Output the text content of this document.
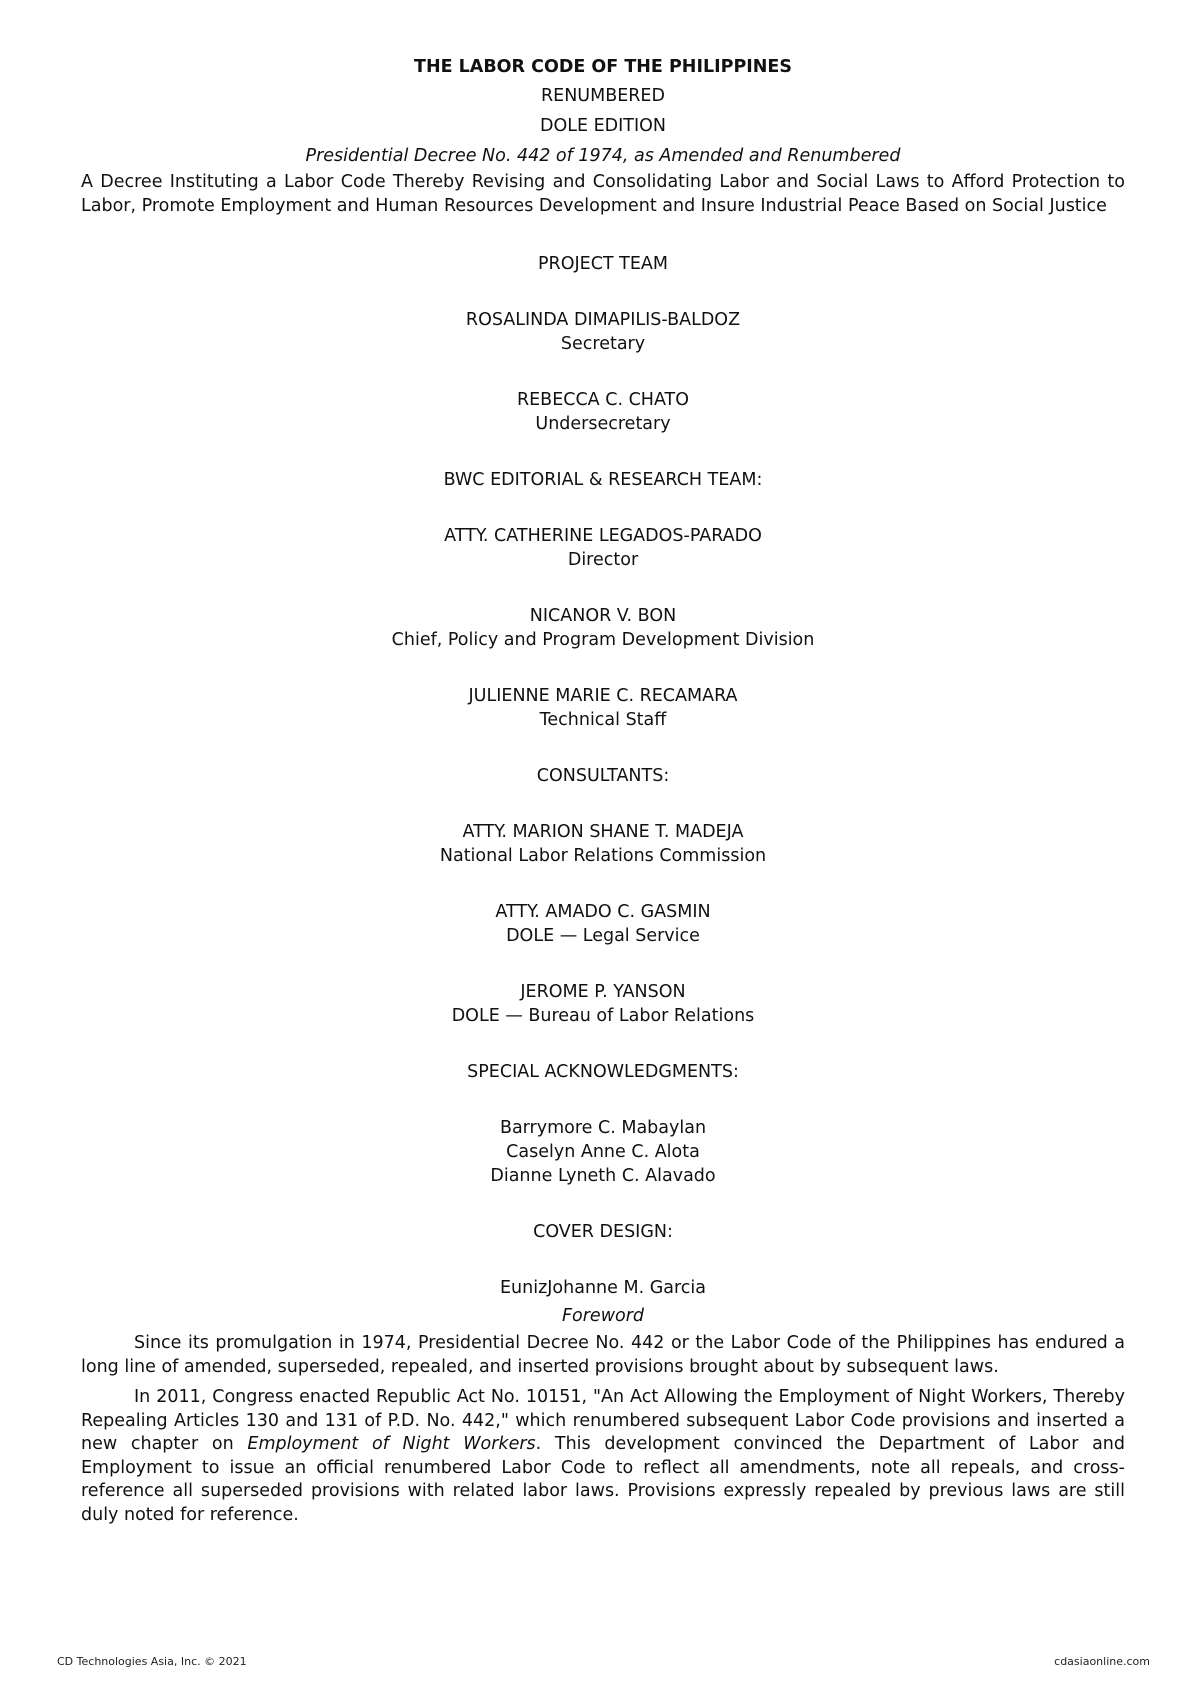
THE LABOR CODE OF THE PHILIPPINES
RENUMBERED
DOLE EDITION
Presidential Decree No. 442 of 1974, as Amended and Renumbered
A Decree Instituting a Labor Code Thereby Revising and Consolidating Labor and Social Laws to Afford Protection to Labor, Promote Employment and Human Resources Development and Insure Industrial Peace Based on Social Justice
PROJECT TEAM
ROSALINDA DIMAPILIS-BALDOZ
Secretary
REBECCA C. CHATO
Undersecretary
BWC EDITORIAL & RESEARCH TEAM:
ATTY. CATHERINE LEGADOS-PARADO
Director
NICANOR V. BON
Chief, Policy and Program Development Division
JULIENNE MARIE C. RECAMARA
Technical Staff
CONSULTANTS:
ATTY. MARION SHANE T. MADEJA
National Labor Relations Commission
ATTY. AMADO C. GASMIN
DOLE — Legal Service
JEROME P. YANSON
DOLE — Bureau of Labor Relations
SPECIAL ACKNOWLEDGMENTS:
Barrymore C. Mabaylan
Caselyn Anne C. Alota
Dianne Lyneth C. Alavado
COVER DESIGN:
EunizJohanne M. Garcia
Foreword
Since its promulgation in 1974, Presidential Decree No. 442 or the Labor Code of the Philippines has endured a long line of amended, superseded, repealed, and inserted provisions brought about by subsequent laws.
In 2011, Congress enacted Republic Act No. 10151, "An Act Allowing the Employment of Night Workers, Thereby Repealing Articles 130 and 131 of P.D. No. 442," which renumbered subsequent Labor Code provisions and inserted a new chapter on Employment of Night Workers. This development convinced the Department of Labor and Employment to issue an official renumbered Labor Code to reflect all amendments, note all repeals, and cross-reference all superseded provisions with related labor laws. Provisions expressly repealed by previous laws are still duly noted for reference.
CD Technologies Asia, Inc. © 2021	cdasiaonline.com
